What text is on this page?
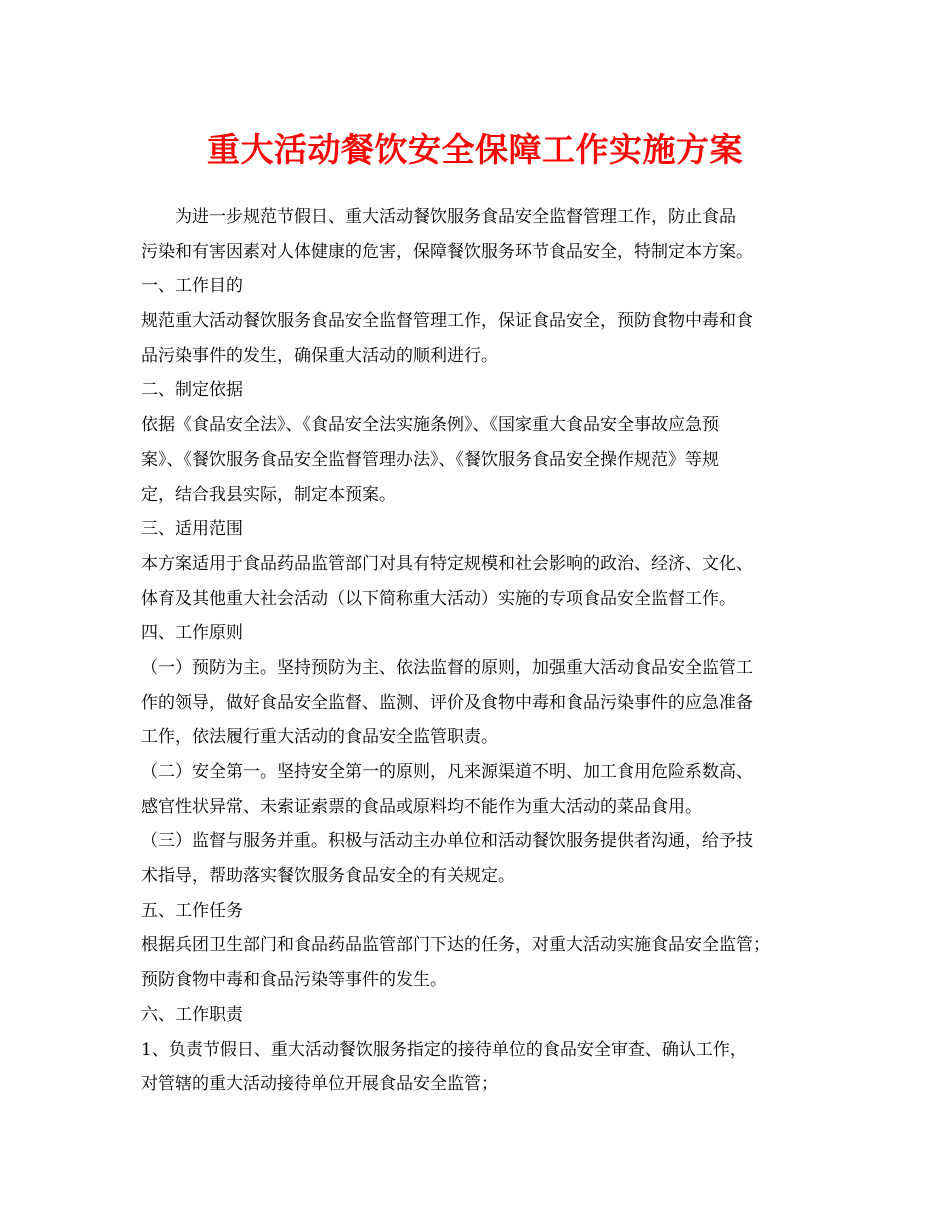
重大活动餐饮安全保障工作实施方案
为进一步规范节假日、重大活动餐饮服务食品安全监督管理工作，防止食品
污染和有害因素对人体健康的危害，保障餐饮服务环节食品安全，特制定本方案。
一、工作目的
规范重大活动餐饮服务食品安全监督管理工作，保证食品安全，预防食物中毒和食
品污染事件的发生，确保重大活动的顺利进行。
二、制定依据
依据《食品安全法》、《食品安全法实施条例》、《国家重大食品安全事故应急预
案》、《餐饮服务食品安全监督管理办法》、《餐饮服务食品安全操作规范》等规
定，结合我县实际，制定本预案。
三、适用范围
本方案适用于食品药品监管部门对具有特定规模和社会影响的政治、经济、文化、
体育及其他重大社会活动（以下简称重大活动）实施的专项食品安全监督工作。
四、工作原则
（一）预防为主。坚持预防为主、依法监督的原则，加强重大活动食品安全监管工
作的领导，做好食品安全监督、监测、评价及食物中毒和食品污染事件的应急准备
工作，依法履行重大活动的食品安全监管职责。
（二）安全第一。坚持安全第一的原则，凡来源渠道不明、加工食用危险系数高、
感官性状异常、未索证索票的食品或原料均不能作为重大活动的菜品食用。
（三）监督与服务并重。积极与活动主办单位和活动餐饮服务提供者沟通，给予技
术指导，帮助落实餐饮服务食品安全的有关规定。
五、工作任务
根据兵团卫生部门和食品药品监管部门下达的任务，对重大活动实施食品安全监管；
预防食物中毒和食品污染等事件的发生。
六、工作职责
1、负责节假日、重大活动餐饮服务指定的接待单位的食品安全审查、确认工作，
对管辖的重大活动接待单位开展食品安全监管；
